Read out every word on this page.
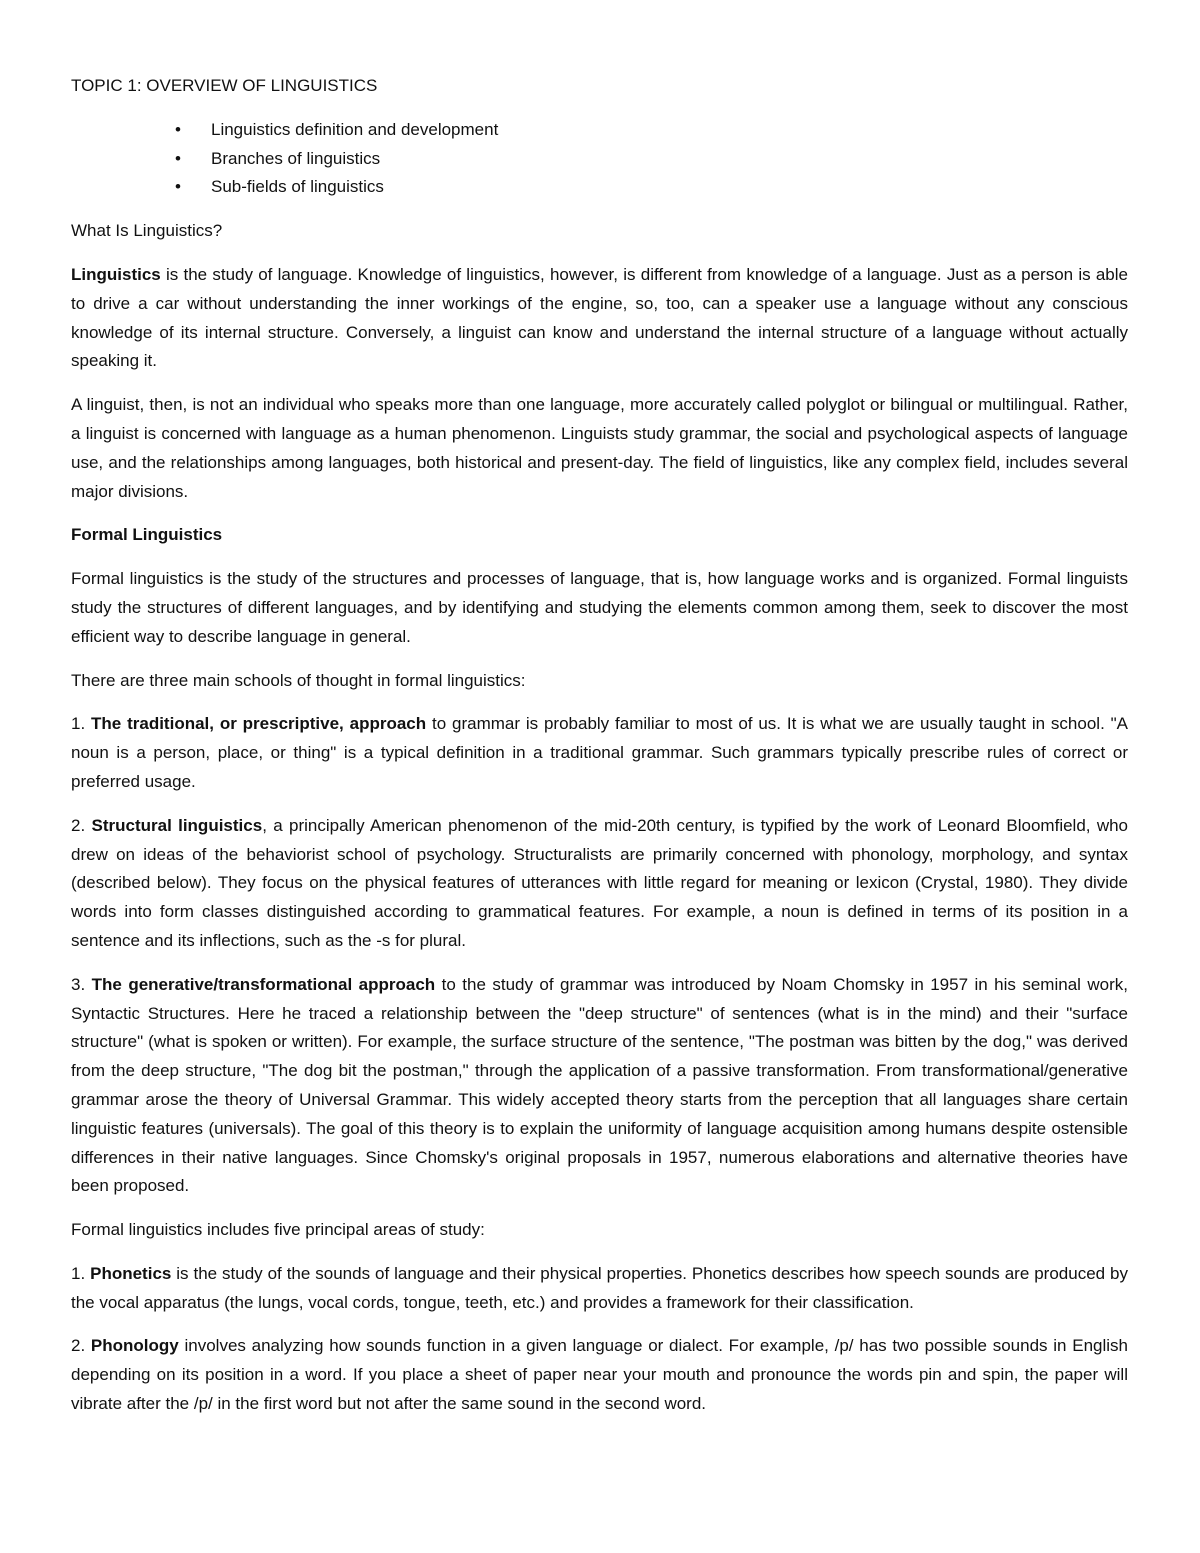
TOPIC 1: OVERVIEW OF LINGUISTICS

• Linguistics definition and development
• Branches of linguistics
• Sub-fields of linguistics

What Is Linguistics?

Linguistics is the study of language. Knowledge of linguistics, however, is different from knowledge of a language. Just as a person is able to drive a car without understanding the inner workings of the engine, so, too, can a speaker use a language without any conscious knowledge of its internal structure. Conversely, a linguist can know and understand the internal structure of a language without actually speaking it.

A linguist, then, is not an individual who speaks more than one language, more accurately called polyglot or bilingual or multilingual. Rather, a linguist is concerned with language as a human phenomenon. Linguists study grammar, the social and psychological aspects of language use, and the relationships among languages, both historical and present-day. The field of linguistics, like any complex field, includes several major divisions.

Formal Linguistics

Formal linguistics is the study of the structures and processes of language, that is, how language works and is organized. Formal linguists study the structures of different languages, and by identifying and studying the elements common among them, seek to discover the most efficient way to describe language in general.

There are three main schools of thought in formal linguistics:

1. The traditional, or prescriptive, approach to grammar is probably familiar to most of us. It is what we are usually taught in school. "A noun is a person, place, or thing" is a typical definition in a traditional grammar. Such grammars typically prescribe rules of correct or preferred usage.

2. Structural linguistics, a principally American phenomenon of the mid-20th century, is typified by the work of Leonard Bloomfield, who drew on ideas of the behaviorist school of psychology. Structuralists are primarily concerned with phonology, morphology, and syntax (described below). They focus on the physical features of utterances with little regard for meaning or lexicon (Crystal, 1980). They divide words into form classes distinguished according to grammatical features. For example, a noun is defined in terms of its position in a sentence and its inflections, such as the -s for plural.

3. The generative/transformational approach to the study of grammar was introduced by Noam Chomsky in 1957 in his seminal work, Syntactic Structures. Here he traced a relationship between the "deep structure" of sentences (what is in the mind) and their "surface structure" (what is spoken or written). For example, the surface structure of the sentence, "The postman was bitten by the dog," was derived from the deep structure, "The dog bit the postman," through the application of a passive transformation. From transformational/generative grammar arose the theory of Universal Grammar. This widely accepted theory starts from the perception that all languages share certain linguistic features (universals). The goal of this theory is to explain the uniformity of language acquisition among humans despite ostensible differences in their native languages. Since Chomsky's original proposals in 1957, numerous elaborations and alternative theories have been proposed.

Formal linguistics includes five principal areas of study:

1. Phonetics is the study of the sounds of language and their physical properties. Phonetics describes how speech sounds are produced by the vocal apparatus (the lungs, vocal cords, tongue, teeth, etc.) and provides a framework for their classification.

2. Phonology involves analyzing how sounds function in a given language or dialect. For example, /p/ has two possible sounds in English depending on its position in a word. If you place a sheet of paper near your mouth and pronounce the words pin and spin, the paper will vibrate after the /p/ in the first word but not after the same sound in the second word.
